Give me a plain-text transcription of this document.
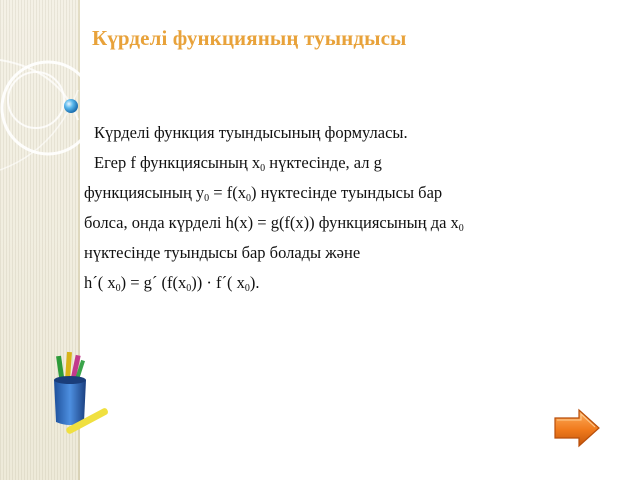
Күрделі функцияның туындысы

Күрделі функция туындысының формуласы.

Егер f функциясының $x_0$ нүктесінде, ал g

функциясының $y_0 = f(x_0)$ нүктесінде туындысы бар

болса, онда күрделі h(x) = g(f(x)) функциясының да $x_0$

нүктесінде туындысы бар болады және

h´( $x_0$) = g´ $(f(x_0))$ · f´( $x_0$).
